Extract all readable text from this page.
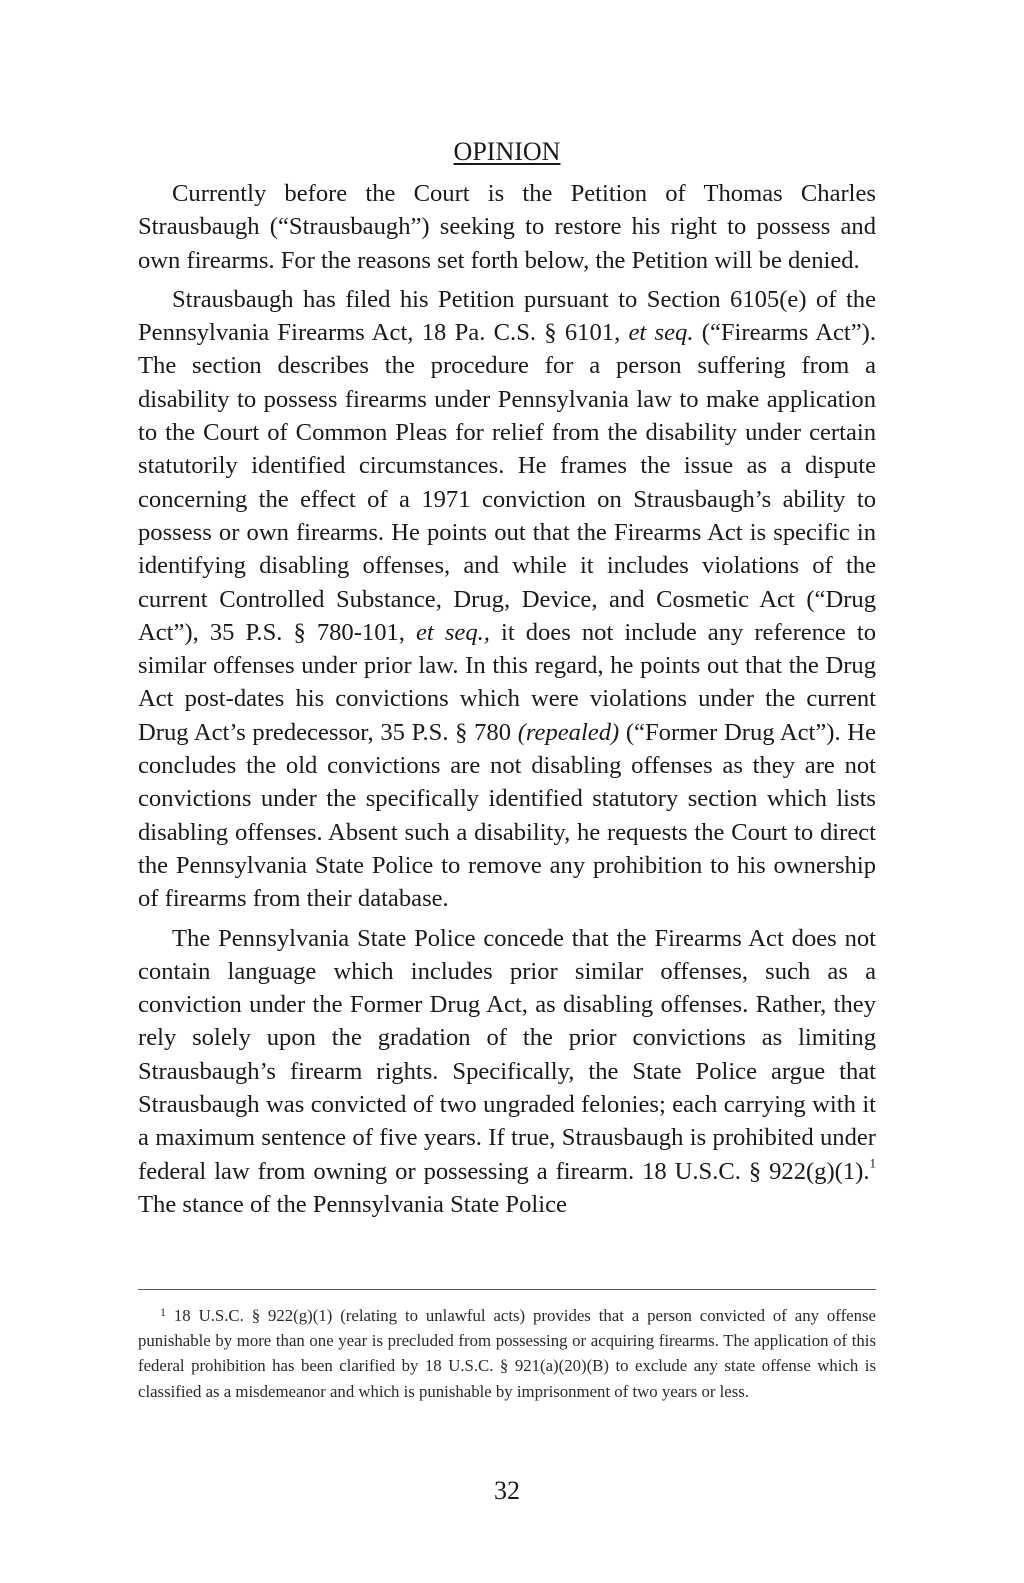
OPINION

Currently before the Court is the Petition of Thomas Charles Strausbaugh (“Strausbaugh”) seeking to restore his right to possess and own firearms. For the reasons set forth below, the Petition will be denied.

Strausbaugh has filed his Petition pursuant to Section 6105(e) of the Pennsylvania Firearms Act, 18 Pa. C.S. § 6101, et seq. (“Firearms Act”). The section describes the procedure for a person suffering from a disability to possess firearms under Pennsylvania law to make application to the Court of Common Pleas for relief from the disability under certain statutorily identified circumstances. He frames the issue as a dispute concerning the effect of a 1971 conviction on Strausbaugh’s ability to possess or own firearms. He points out that the Firearms Act is specific in identifying disabling offenses, and while it includes violations of the current Controlled Substance, Drug, Device, and Cosmetic Act (“Drug Act”), 35 P.S. § 780-101, et seq., it does not include any reference to similar offenses under prior law. In this regard, he points out that the Drug Act post-dates his convictions which were violations under the current Drug Act’s predecessor, 35 P.S. § 780 (repealed) (“Former Drug Act”). He concludes the old convictions are not disabling offenses as they are not convictions under the specifically identified statutory section which lists disabling offenses. Absent such a disability, he requests the Court to direct the Pennsylvania State Police to remove any prohibition to his ownership of firearms from their database.

The Pennsylvania State Police concede that the Firearms Act does not contain language which includes prior similar offenses, such as a conviction under the Former Drug Act, as disabling offenses. Rather, they rely solely upon the gradation of the prior convictions as limiting Strausbaugh’s firearm rights. Specifically, the State Police argue that Strausbaugh was convicted of two ungraded felonies; each carrying with it a maximum sentence of five years. If true, Strausbaugh is prohibited under federal law from owning or possessing a firearm. 18 U.S.C. § 922(g)(1).$^1$ The stance of the Pennsylvania State Police

$^1$ 18 U.S.C. § 922(g)(1) (relating to unlawful acts) provides that a person convicted of any offense punishable by more than one year is precluded from possessing or acquiring firearms. The application of this federal prohibition has been clarified by 18 U.S.C. § 921(a)(20)(B) to exclude any state offense which is classified as a misdemeanor and which is punishable by imprisonment of two years or less.

32
